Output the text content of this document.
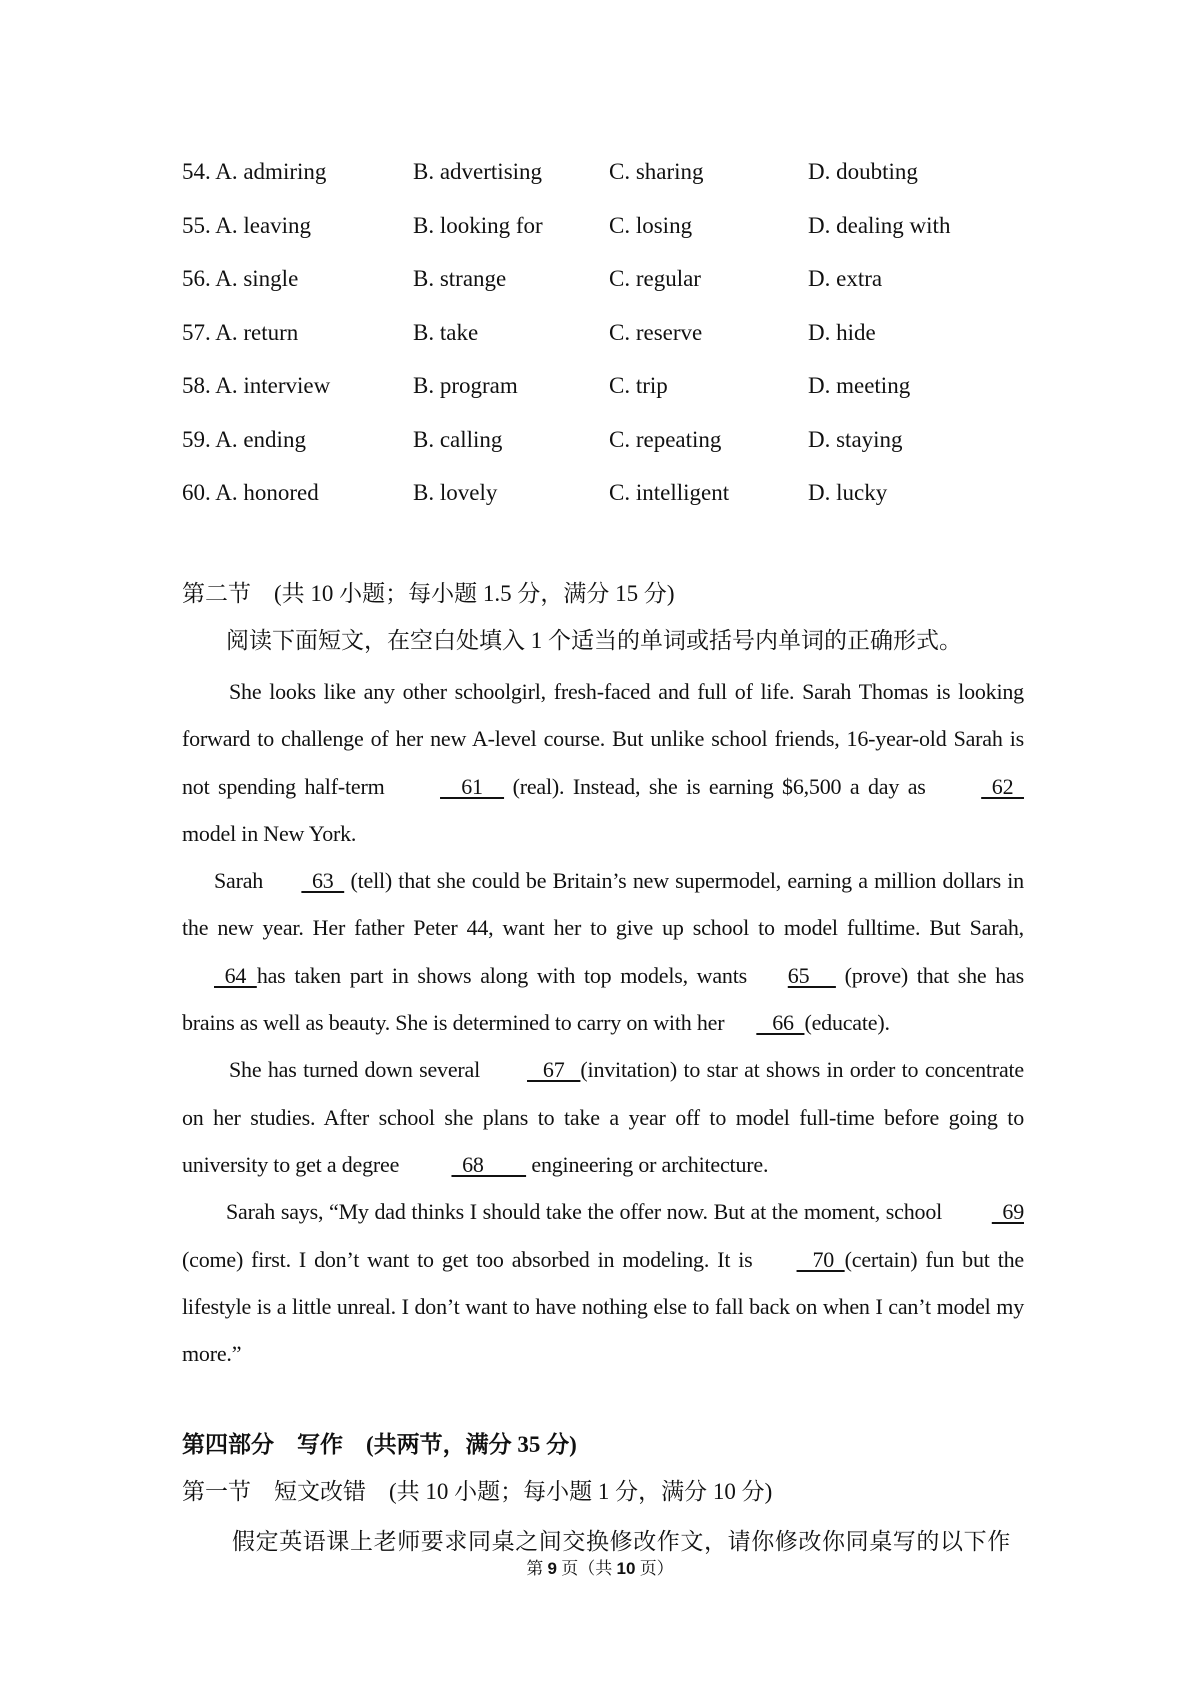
54. A. admiring	B. advertising	C. sharing	D. doubting
55. A. leaving	B. looking for	C. losing	D. dealing with
56. A. single	B. strange	C. regular	D. extra
57. A. return	B. take	C. reserve	D. hide
58. A. interview	B. program	C. trip	D. meeting
59. A. ending	B. calling	C. repeating	D. staying
60. A. honored	B. lovely	C. intelligent	D. lucky
第二节　(共 10 小题；每小题 1.5 分，满分 15 分)
阅读下面短文，在空白处填入 1 个适当的单词或括号内单词的正确形式。

She looks like any other schoolgirl, fresh-faced and full of life. Sarah Thomas is looking forward to challenge of her new A-level course. But unlike school friends, 16-year-old Sarah is not spending half-term     61     (real). Instead, she is earning $6,500 a day as   62   model in New York.

Sarah   63   (tell) that she could be Britain’s new supermodel, earning a million dollars in the new year. Her father Peter 44, want her to give up school to model fulltime. But Sarah,   64  has taken part in shows along with top models, wants 65      (prove) that she has brains as well as beauty. She is determined to carry on with her   66  (educate).

She has turned down several   67   (invitation) to star at shows in order to concentrate on her studies. After school she plans to take a year off to model full-time before going to university to get a degree   68         engineering or architecture.

Sarah says, “My dad thinks I should take the offer now. But at the moment, school   69 (come) first. I don’t want to get too absorbed in modeling. It is   70  (certain) fun but the lifestyle is a little unreal. I don’t want to have nothing else to fall back on when I can’t model my more.”

第四部分　写作　(共两节，满分 35 分)
第一节　短文改错　(共 10 小题；每小题 1 分，满分 10 分)
假定英语课上老师要求同桌之间交换修改作文，请你修改你同桌写的以下作
第 9 页（共 10 页）
